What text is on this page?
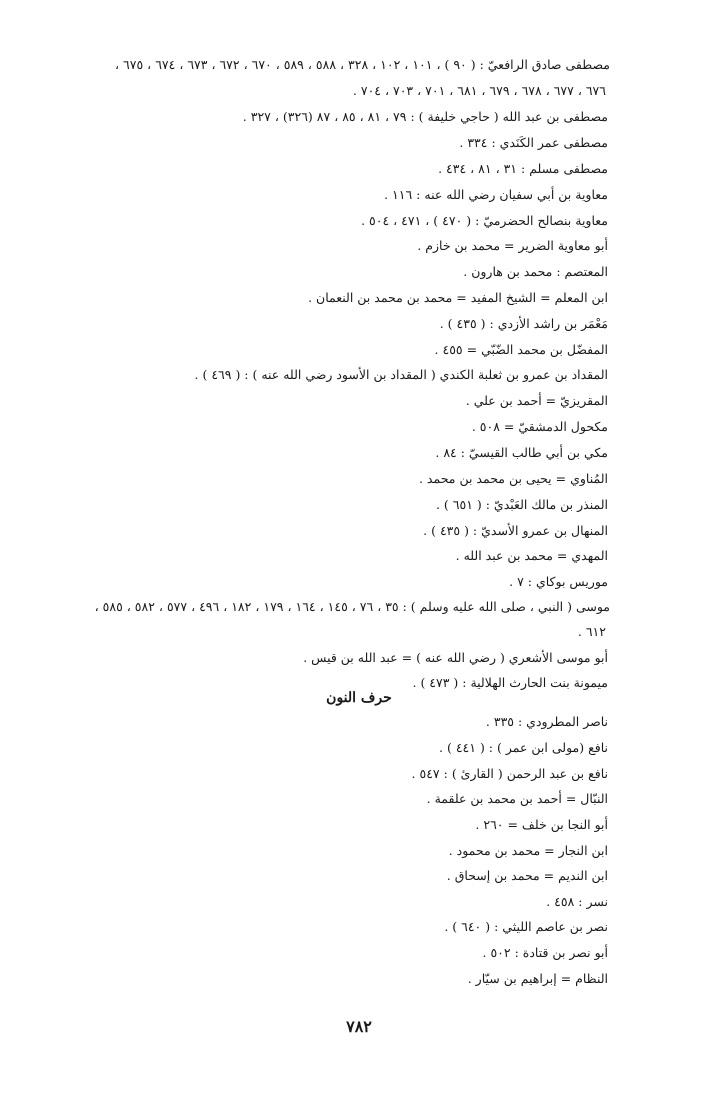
مصطفى صادق الرافعيّ : ( ٩٠ ) ، ١٠١ ، ١٠٢ ، ٣٢٨ ، ٥٨٨ ، ٥٨٩ ، ٦٧٠ ، ٦٧٢ ، ٦٧٣ ، ٦٧٤ ، ٦٧٥ ،
٦٧٦ ، ٦٧٧ ، ٦٧٨ ، ٦٧٩ ، ٦٨١ ، ٧٠١ ، ٧٠٣ ، ٧٠٤ .
مصطفى بن عبد الله ( حاجي خليفة ) : ٧٩ ، ٨١ ، ٨٥ ، ٨٧ (٣٢٦) ، ٣٢٧ .
مصطفى عمر الكَنَدي : ٣٣٤ .
مصطفى مسلم : ٣١ ، ٨١ ، ٤٣٤ .
معاوية بن أبي سفيان رضي الله عنه : ١١٦ .
معاوية بنصالح الحضرميّ : ( ٤٧٠ ) ، ٤٧١ ، ٥٠٤ .
أبو معاوية الضرير = محمد بن خازم .
المعتصم : محمد بن هارون .
ابن المعلم = الشيخ المفيد = محمد بن محمد بن النعمان .
مَعْمَر بن راشد الأزدي : ( ٤٣٥ ) .
المفضّل بن محمد الضّبّي = ٤٥٥ .
المقداد بن عمرو بن ثعلبة الكندي ( المقداد بن الأسود رضي الله عنه ) : ( ٤٦٩ ) .
المقريزيّ = أحمد بن علي .
مكحول الدمشقيّ = ٥٠٨ .
مكي بن أبي طالب القيسيّ : ٨٤ .
المُناوي = يحيى بن محمد بن محمد .
المنذر بن مالك العَبْديّ : ( ٦٥١ ) .
المنهال بن عمرو الأسديّ : ( ٤٣٥ ) .
المهدي = محمد بن عبد الله .
موريس بوكاي : ٧ .
موسى ( النبي ، صلى الله عليه وسلم ) : ٣٥ ، ٧٦ ، ١٤٥ ، ١٦٤ ، ١٧٩ ، ١٨٢ ، ٤٩٦ ، ٥٧٧ ، ٥٨٢ ، ٥٨٥ ،
٦١٢ .
أبو موسى الأشعري ( رضي الله عنه ) = عبد الله بن قيس .
ميمونة بنت الحارث الهلالية : ( ٤٧٣ ) .
حرف النون
ناصر المطرودي : ٣٣٥ .
نافع (مولى ابن عمر ) : ( ٤٤١ ) .
نافع بن عبد الرحمن ( القارئ ) : ٥٤٧ .
النبّال = أحمد بن محمد بن علقمة .
أبو النجا بن خلف = ٢٦٠ .
ابن النجار = محمد بن محمود .
ابن النديم = محمد بن إسحاق .
نسر : ٤٥٨ .
نصر بن عاصم الليثي : ( ٦٤٠ ) .
أبو نصر بن قتادة : ٥٠٢ .
النظام = إبراهيم بن سيّار .
٧٨٢
